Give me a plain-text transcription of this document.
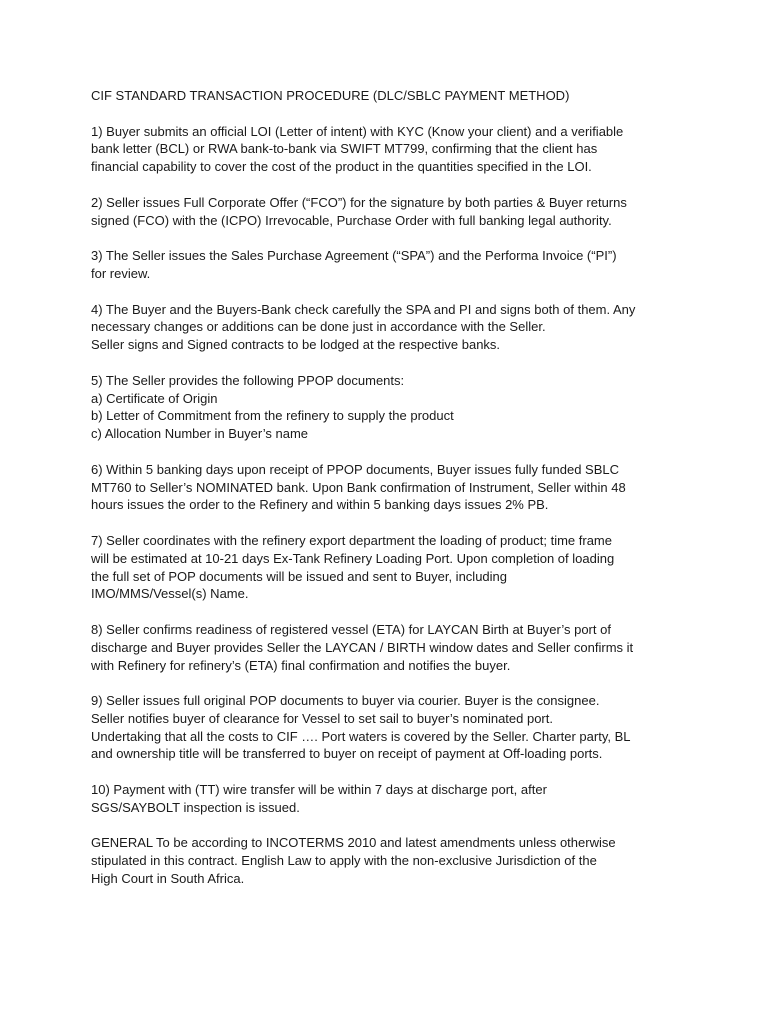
CIF STANDARD TRANSACTION PROCEDURE (DLC/SBLC PAYMENT METHOD)

1) Buyer submits an official LOI (Letter of intent) with KYC (Know your client) and a verifiable
bank letter (BCL) or RWA bank-to-bank via SWIFT MT799, confirming that the client has
financial capability to cover the cost of the product in the quantities specified in the LOI.
2) Seller issues Full Corporate Offer (“FCO”) for the signature by both parties & Buyer returns
signed (FCO) with the (ICPO) Irrevocable, Purchase Order with full banking legal authority.
3) The Seller issues the Sales Purchase Agreement (“SPA”) and the Performa Invoice (“PI”)
for review.
4) The Buyer and the Buyers-Bank check carefully the SPA and PI and signs both of them. Any
necessary changes or additions can be done just in accordance with the Seller.
Seller signs and Signed contracts to be lodged at the respective banks.
5) The Seller provides the following PPOP documents:
a) Certificate of Origin
b) Letter of Commitment from the refinery to supply the product
c) Allocation Number in Buyer’s name
6) Within 5 banking days upon receipt of PPOP documents, Buyer issues fully funded SBLC
MT760 to Seller’s NOMINATED bank. Upon Bank confirmation of Instrument, Seller within 48
hours issues the order to the Refinery and within 5 banking days issues 2% PB.
7) Seller coordinates with the refinery export department the loading of product; time frame
will be estimated at 10-21 days Ex-Tank Refinery Loading Port. Upon completion of loading
the full set of POP documents will be issued and sent to Buyer, including
IMO/MMS/Vessel(s) Name.
8) Seller confirms readiness of registered vessel (ETA) for LAYCAN Birth at Buyer’s port of
discharge and Buyer provides Seller the LAYCAN / BIRTH window dates and Seller confirms it
with Refinery for refinery’s (ETA) final confirmation and notifies the buyer.
9) Seller issues full original POP documents to buyer via courier. Buyer is the consignee.
Seller notifies buyer of clearance for Vessel to set sail to buyer’s nominated port.
Undertaking that all the costs to CIF …. Port waters is covered by the Seller. Charter party, BL
and ownership title will be transferred to buyer on receipt of payment at Off-loading ports.
10) Payment with (TT) wire transfer will be within 7 days at discharge port, after
SGS/SAYBOLT inspection is issued.
GENERAL To be according to INCOTERMS 2010 and latest amendments unless otherwise
stipulated in this contract. English Law to apply with the non-exclusive Jurisdiction of the
High Court in South Africa.
